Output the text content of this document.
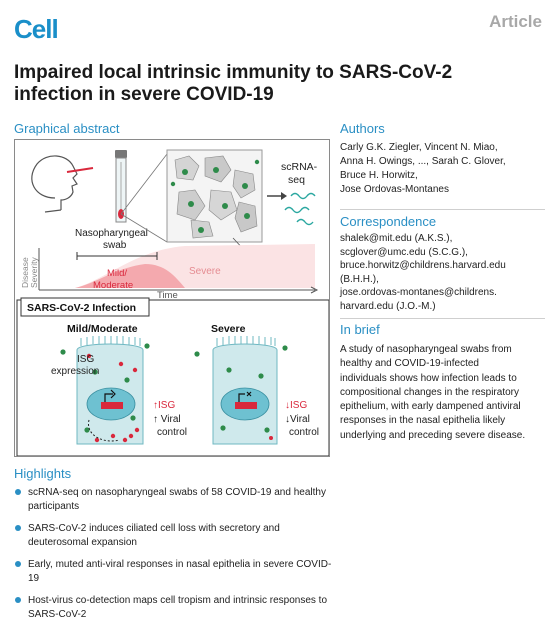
Cell	Article
Impaired local intrinsic immunity to SARS-CoV-2 infection in severe COVID-19
Graphical abstract
Nasopharyngeal
swab
scRNA-
seq
Disease Severity	Mild/
Moderate
Severe
Time
SARS-CoV-2 Infection
Mild/Moderate	Severe
ISG
expression
↑ISG
↑ Viral
control
↓ISG
↓Viral
control
Authors
Carly G.K. Ziegler, Vincent N. Miao,
Anna H. Owings, ..., Sarah C. Glover,
Bruce H. Horwitz,
Jose Ordovas-Montanes
Correspondence
shalek@mit.edu (A.K.S.),
scglover@umc.edu (S.C.G.),
bruce.horwitz@childrens.harvard.edu
(B.H.H.),
jose.ordovas-montanes@childrens.
harvard.edu (J.O.-M.)
In brief
A study of nasopharyngeal swabs from
healthy and COVID-19-infected
individuals shows how infection leads to
compositional changes in the respiratory
epithelium, with early dampened antiviral
responses in the nasal epithelia likely
underlying and preceding severe disease.
Highlights
scRNA-seq on nasopharyngeal swabs of 58 COVID-19 and healthy participants
SARS-CoV-2 induces ciliated cell loss with secretory and deuterosomal expansion
Early, muted anti-viral responses in nasal epithelia in severe COVID-19
Host-virus co-detection maps cell tropism and intrinsic responses to SARS-CoV-2
